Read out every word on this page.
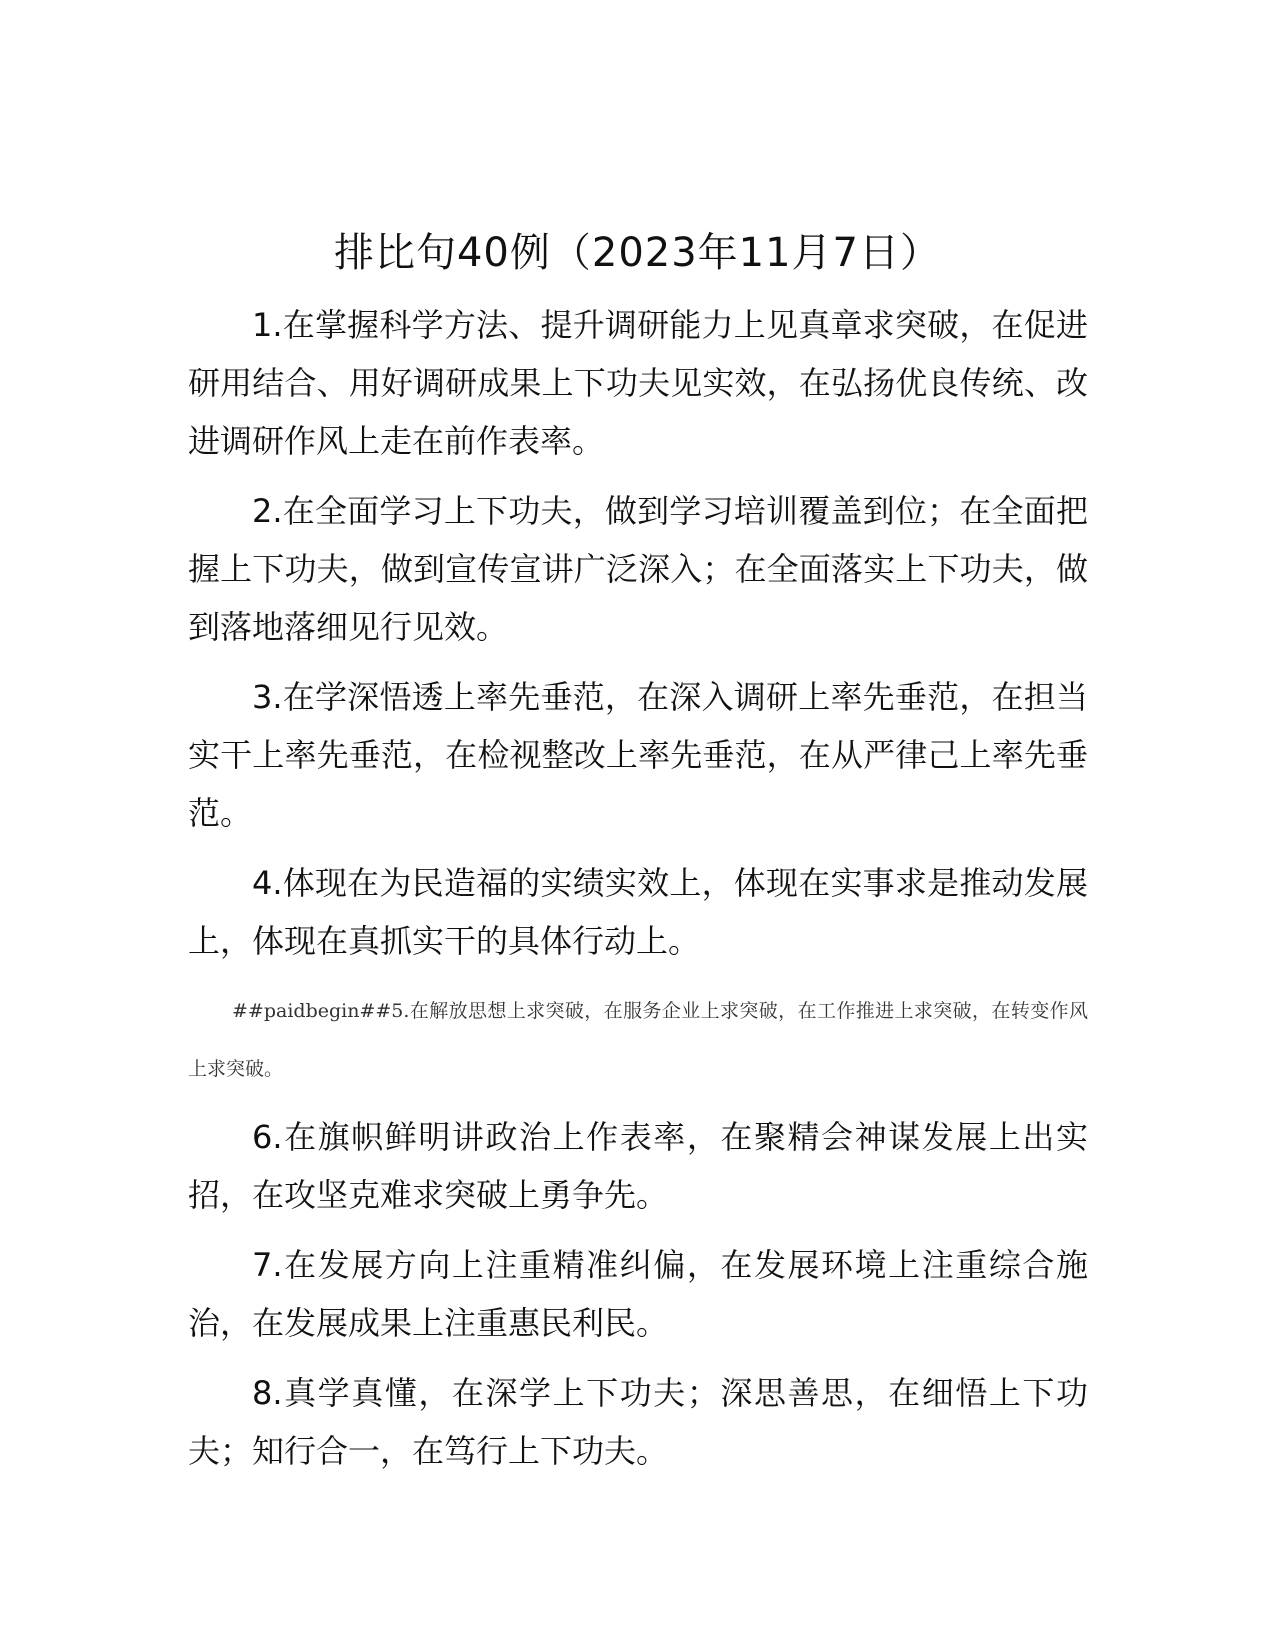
排比句40例（2023年11月7日）

1.在掌握科学方法、提升调研能力上见真章求突破，在促进研用结合、用好调研成果上下功夫见实效，在弘扬优良传统、改进调研作风上走在前作表率。

2.在全面学习上下功夫，做到学习培训覆盖到位；在全面把握上下功夫，做到宣传宣讲广泛深入；在全面落实上下功夫，做到落地落细见行见效。

3.在学深悟透上率先垂范，在深入调研上率先垂范，在担当实干上率先垂范，在检视整改上率先垂范，在从严律己上率先垂范。

4.体现在为民造福的实绩实效上，体现在实事求是推动发展上，体现在真抓实干的具体行动上。

##paidbegin##5.在解放思想上求突破，在服务企业上求突破，在工作推进上求突破，在转变作风上求突破。

6.在旗帜鲜明讲政治上作表率，在聚精会神谋发展上出实招，在攻坚克难求突破上勇争先。

7.在发展方向上注重精准纠偏，在发展环境上注重综合施治，在发展成果上注重惠民利民。

8.真学真懂，在深学上下功夫；深思善思，在细悟上下功夫；知行合一，在笃行上下功夫。
